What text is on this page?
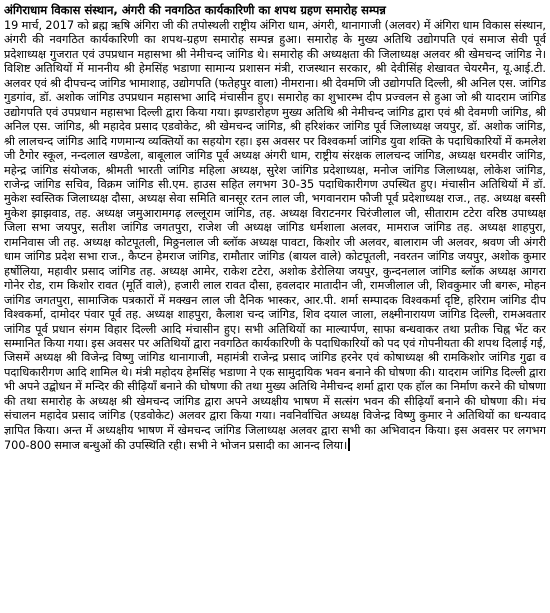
अंगिराधाम विकास संस्थान, अंगरी की नवगठित कार्यकारिणी का शपथ ग्रहण समारोह सम्पन्न

19 मार्च, 2017 को ब्रह्म ऋषि अंगिरा जी की तपोस्थली राष्ट्रीय अंगिरा धाम, अंगरी, थानागाजी (अलवर) में अंगिरा धाम विकास संस्थान, अंगरी की नवगठित कार्यकारिणी का शपथ-ग्रहण समारोह सम्पन्न हुआ। समारोह के मुख्य अतिथि उद्योगपति एवं समाज सेवी पूर्व प्रदेशाध्यक्ष गुजरात एवं उपप्रधान महासभा श्री नेमीचन्द जांगिड थे। समारोह की अध्यक्षता की जिलाध्यक्ष अलवर श्री खेमचन्द जांगिड ने। विशिष्ट अतिथियों में माननीय श्री हेमसिंह भडाणा सामान्य प्रशासन मंत्री, राजस्थान सरकार, श्री देवीसिंह शेखावत चेयरमैन, यू.आई.टी. अलवर एवं श्री दीपचन्द जांगिड भामाशाह, उद्योगपति (फतेहपुर वाला) नीमराना। श्री देवमणि जी उद्योगपति दिल्ली, श्री अनिल एस. जांगिड गुडगांव, डॉ. अशोक जांगिड उपप्रधान महासभा आदि मंचासीन हुए। समारोह का शुभारम्भ दीप प्रज्वलन से हुआ जो श्री यादराम जांगिड उद्योगपति एवं उपप्रधान महासभा दिल्ली द्वारा किया गया। झण्डारोहण मुख्य अतिथि श्री नेमीचन्द जांगिड द्वारा एवं श्री देवमणी जांगिड, श्री अनिल एस. जांगिड, श्री महादेव प्रसाद एडवोकेट, श्री खेमचन्द जांगिड, श्री हरिशंकर जांगिड पूर्व जिलाध्यक्ष जयपुर, डॉ. अशोक जांगिड, श्री लालचन्द जांगिड आदि गणमान्य व्यक्तियों का सहयोग रहा। इस अवसर पर विश्वकर्मा जांगिड युवा शक्ति के पदाधिकारियों में कमलेश जी टैगोर स्कूल, नन्दलाल खण्डेला, बाबूलाल जांगिड पूर्व अध्यक्ष अंगरी धाम, राष्ट्रीय संरक्षक लालचन्द जांगिड, अध्यक्ष धरमवीर जांगिड, महेन्द्र जांगिड संयोजक, श्रीमती भारती जांगिड महिला अध्यक्ष, सुरेश जांगिड प्रदेशाध्यक्ष, मनोज जांगिड जिलाध्यक्ष, लोकेश जांगिड, राजेन्द्र जांगिड सचिव, विक्रम जांगिड सी.एम. हाउस सहित लगभग 30-35 पदाधिकारीगण उपस्थित हुए। मंचासीन अतिथियों में डॉ. मुकेश स्वस्तिक जिलाध्यक्ष दौसा, अध्यक्ष सेवा समिति बानसूर रतन लाल जी, भगवानराम फौजी पूर्व प्रदेशाध्यक्ष राज., तह. अध्यक्ष बस्सी मुकेश झाझवाड, तह. अध्यक्ष जमुआरामगढ़ लल्लूराम जांगिड, तह. अध्यक्ष विराटनगर चिरंजीलाल जी, सीताराम टटेरा वरिष्ठ उपाध्यक्ष जिला सभा जयपुर, सतीश जांगिड जगतपुरा, राजेश जी अध्यक्ष जांगिड धर्मशाला अलवर, मामराज जांगिड तह. अध्यक्ष शाहपुरा, रामनिवास जी तह. अध्यक्ष कोटपूतली, मिठ्ठनलाल जी ब्लॉक अध्यक्ष पावटा, किशोर जी अलवर, बालाराम जी अलवर, श्रवण जी अंगरी धाम जांगिड प्रदेश सभा राज., कैप्टन हेमराज जांगिड, रामौतार जांगिड (बायल वाले) कोटपूतली, नवरतन जांगिड जयपुर, अशोक कुमार हर्षोलिया, महावीर प्रसाद जांगिड तह. अध्यक्ष आमेर, राकेश टटेरा, अशोक डेरोलिया जयपुर, कुन्दनलाल जांगिड ब्लॉक अध्यक्ष आगरा गोनेर रोड, राम किशोर रावत (मूर्ति वाले), हजारी लाल रावत दौसा, हवलदार मातादीन जी, रामजीलाल जी, शिवकुमार जी बगरू, मोहन जांगिड जगतपुरा, सामाजिक पत्रकारों में मक्खन लाल जी दैनिक भास्कर, आर.पी. शर्मा सम्पादक विश्वकर्मा दृष्टि, हरिराम जांगिड दीप विश्वकर्मा, दामोदर पंवार पूर्व तह. अध्यक्ष शाहपुरा, कैलाश चन्द जांगिड, शिव दयाल जाला, लक्ष्मीनारायण जांगिड दिल्ली, रामअवतार जांगिड पूर्व प्रधान संगम विहार दिल्ली आदि मंचासीन हुए। सभी अतिथियों का माल्यार्पण, साफा बन्धवाकर तथा प्रतीक चिह्न भेंट कर सम्मानित किया गया। इस अवसर पर अतिथियों द्वारा नवगठित कार्यकारिणी के पदाधिकारियों को पद एवं गोपनीयता की शपथ दिलाई गई, जिसमें अध्यक्ष श्री विजेन्द्र विष्णु जांगिड थानागाजी, महामंत्री राजेन्द्र प्रसाद जांगिड हरनेर एवं कोषाध्यक्ष श्री रामकिशोर जांगिड गुढा व पदाधिकारीगण आदि शामिल थे। मंत्री महोदय हेमसिंह भडाणा ने एक सामुदायिक भवन बनाने की घोषणा की। यादराम जांगिड दिल्ली द्वारा भी अपने उद्बोधन में मन्दिर की सीढ़ियाँ बनाने की घोषणा की तथा मुख्य अतिथि नेमीचन्द शर्मा द्वारा एक हॉल का निर्माण करने की घोषणा की तथा समारोह के अध्यक्ष श्री खेमचन्द जांगिड द्वारा अपने अध्यक्षीय भाषण में सत्संग भवन की सीढ़ियाँ बनाने की घोषणा की। मंच संचालन महादेव प्रसाद जांगिड (एडवोकेट) अलवर द्वारा किया गया। नवनिर्वाचित अध्यक्ष विजेन्द्र विष्णु कुमार ने अतिथियों का धन्यवाद ज्ञापित किया। अन्त में अध्यक्षीय भाषण में खेमचन्द जांगिड जिलाध्यक्ष अलवर द्वारा सभी का अभिवादन किया। इस अवसर पर लगभग 700-800 समाज बन्धुओं की उपस्थिति रही। सभी ने भोजन प्रसादी का आनन्द लिया।
